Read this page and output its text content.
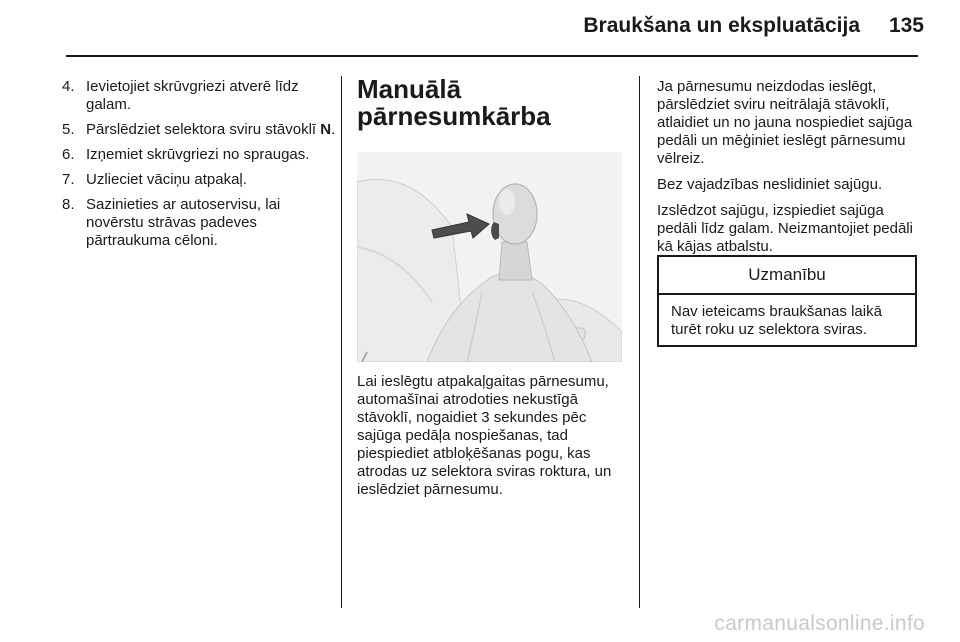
Braukšana un ekspluatācija	135
4. Ievietojiet skrūvgriezi atverē līdz galam.
5. Pārslēdziet selektora sviru stāvoklī N.
6. Izņemiet skrūvgriezi no spraugas.
7. Uzlieciet vāciņu atpakaļ.
8. Sazinieties ar autoservisu, lai novērstu strāvas padeves pārtraukuma cēloni.
Manuālā
pārnesumkārba
Lai ieslēgtu atpakaļgaitas pārnesumu, automašīnai atrodoties nekustīgā stāvoklī, nogaidiet 3 sekundes pēc sajūga pedāļa nospiešanas, tad piespiediet atbloķēšanas pogu, kas atrodas uz selektora sviras roktura, un ieslēdziet pārnesumu.

Ja pārnesumu neizdodas ieslēgt, pārslēdziet sviru neitrālajā stāvoklī, atlaidiet un no jauna nospiediet sajūga pedāli un mēģiniet ieslēgt pārnesumu vēlreiz.

Bez vajadzības neslidiniet sajūgu.

Izslēdzot sajūgu, izspiediet sajūga pedāli līdz galam. Neizmantojiet pedāli kā kājas atbalstu.

Uzmanību
Nav ieteicams braukšanas laikā turēt roku uz selektora sviras.
carmanualsonline.info
